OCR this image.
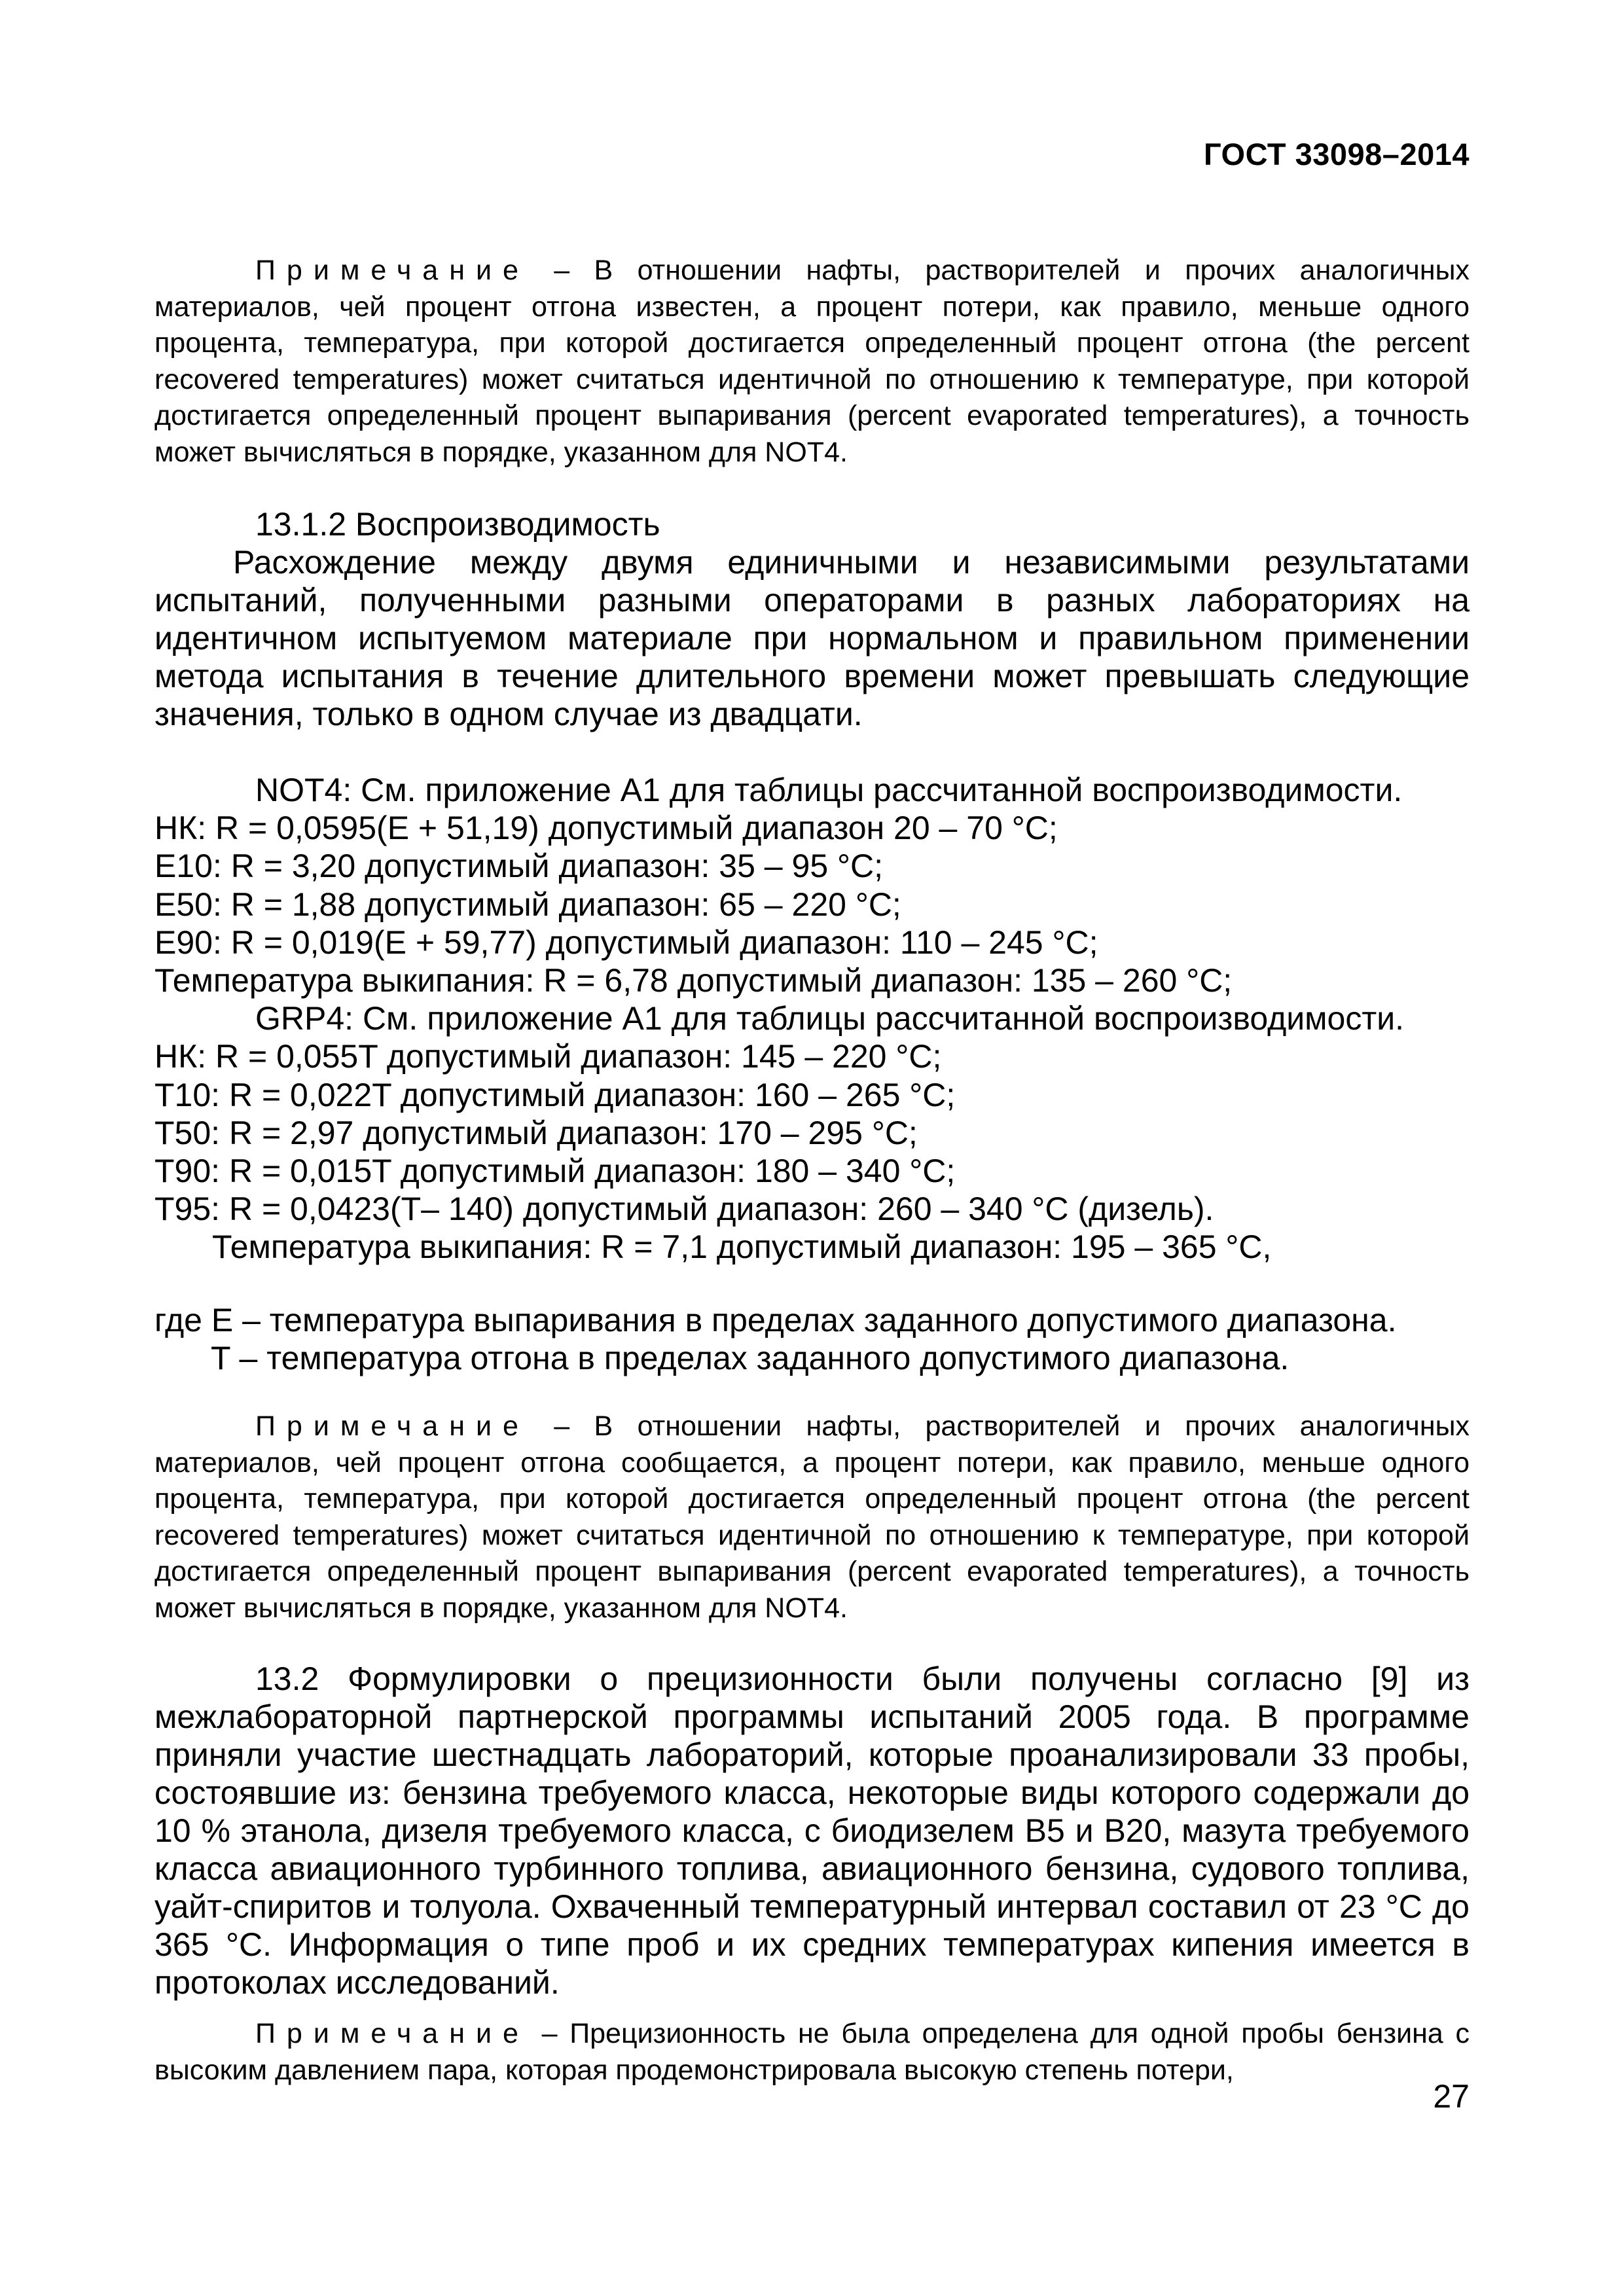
ГОСТ 33098–2014

Примечание – В отношении нафты, растворителей и прочих аналогичных материалов, чей процент отгона известен, а процент потери, как правило, меньше одного процента, температура, при которой достигается определенный процент отгона (the percent recovered temperatures) может считаться идентичной по отношению к температуре, при которой достигается определенный процент выпаривания (percent evaporated temperatures), а точность может вычисляться в порядке, указанном для NOT4.

13.1.2 Воспроизводимость

Расхождение между двумя единичными и независимыми результатами испытаний, полученными разными операторами в разных лабораториях на идентичном испытуемом материале при нормальном и правильном применении метода испытания в течение длительного времени может превышать следующие значения, только в одном случае из двадцати.

NOT4: См. приложение А1 для таблицы рассчитанной воспроизводимости.
НК: R = 0,0595(E + 51,19) допустимый диапазон 20 – 70 °С;
E10: R = 3,20 допустимый диапазон: 35 – 95 °С;
E50: R = 1,88 допустимый диапазон: 65 – 220 °С;
E90: R = 0,019(E + 59,77) допустимый диапазон: 110 – 245 °С;
Температура выкипания: R = 6,78 допустимый диапазон: 135 – 260 °С;
GRP4: См. приложение А1 для таблицы рассчитанной воспроизводимости.
НК: R = 0,055T допустимый диапазон: 145 – 220 °С;
T10: R = 0,022T допустимый диапазон: 160 – 265 °С;
T50: R = 2,97 допустимый диапазон: 170 – 295 °С;
T90: R = 0,015T допустимый диапазон: 180 – 340 °С;
T95: R = 0,0423(T– 140) допустимый диапазон: 260 – 340 °С (дизель).
Температура выкипания: R = 7,1 допустимый диапазон: 195 – 365 °С,
где E – температура выпаривания в пределах заданного допустимого диапазона.
T – температура отгона в пределах заданного допустимого диапазона.

Примечание – В отношении нафты, растворителей и прочих аналогичных материалов, чей процент отгона сообщается, а процент потери, как правило, меньше одного процента, температура, при которой достигается определенный процент отгона (the percent recovered temperatures) может считаться идентичной по отношению к температуре, при которой достигается определенный процент выпаривания (percent evaporated temperatures), а точность может вычисляться в порядке, указанном для NOT4.

13.2 Формулировки о прецизионности были получены согласно [9] из межлабораторной партнерской программы испытаний 2005 года. В программе приняли участие шестнадцать лабораторий, которые проанализировали 33 пробы, состоявшие из: бензина требуемого класса, некоторые виды которого содержали до 10 % этанола, дизеля требуемого класса, с биодизелем В5 и В20, мазута требуемого класса авиационного турбинного топлива, авиационного бензина, судового топлива, уайт-спиритов и толуола. Охваченный температурный интервал составил от 23 °С до 365 °С. Информация о типе проб и их средних температурах кипения имеется в протоколах исследований.

Примечание – Прецизионность не была определена для одной пробы бензина с высоким давлением пара, которая продемонстрировала высокую степень потери,

27
